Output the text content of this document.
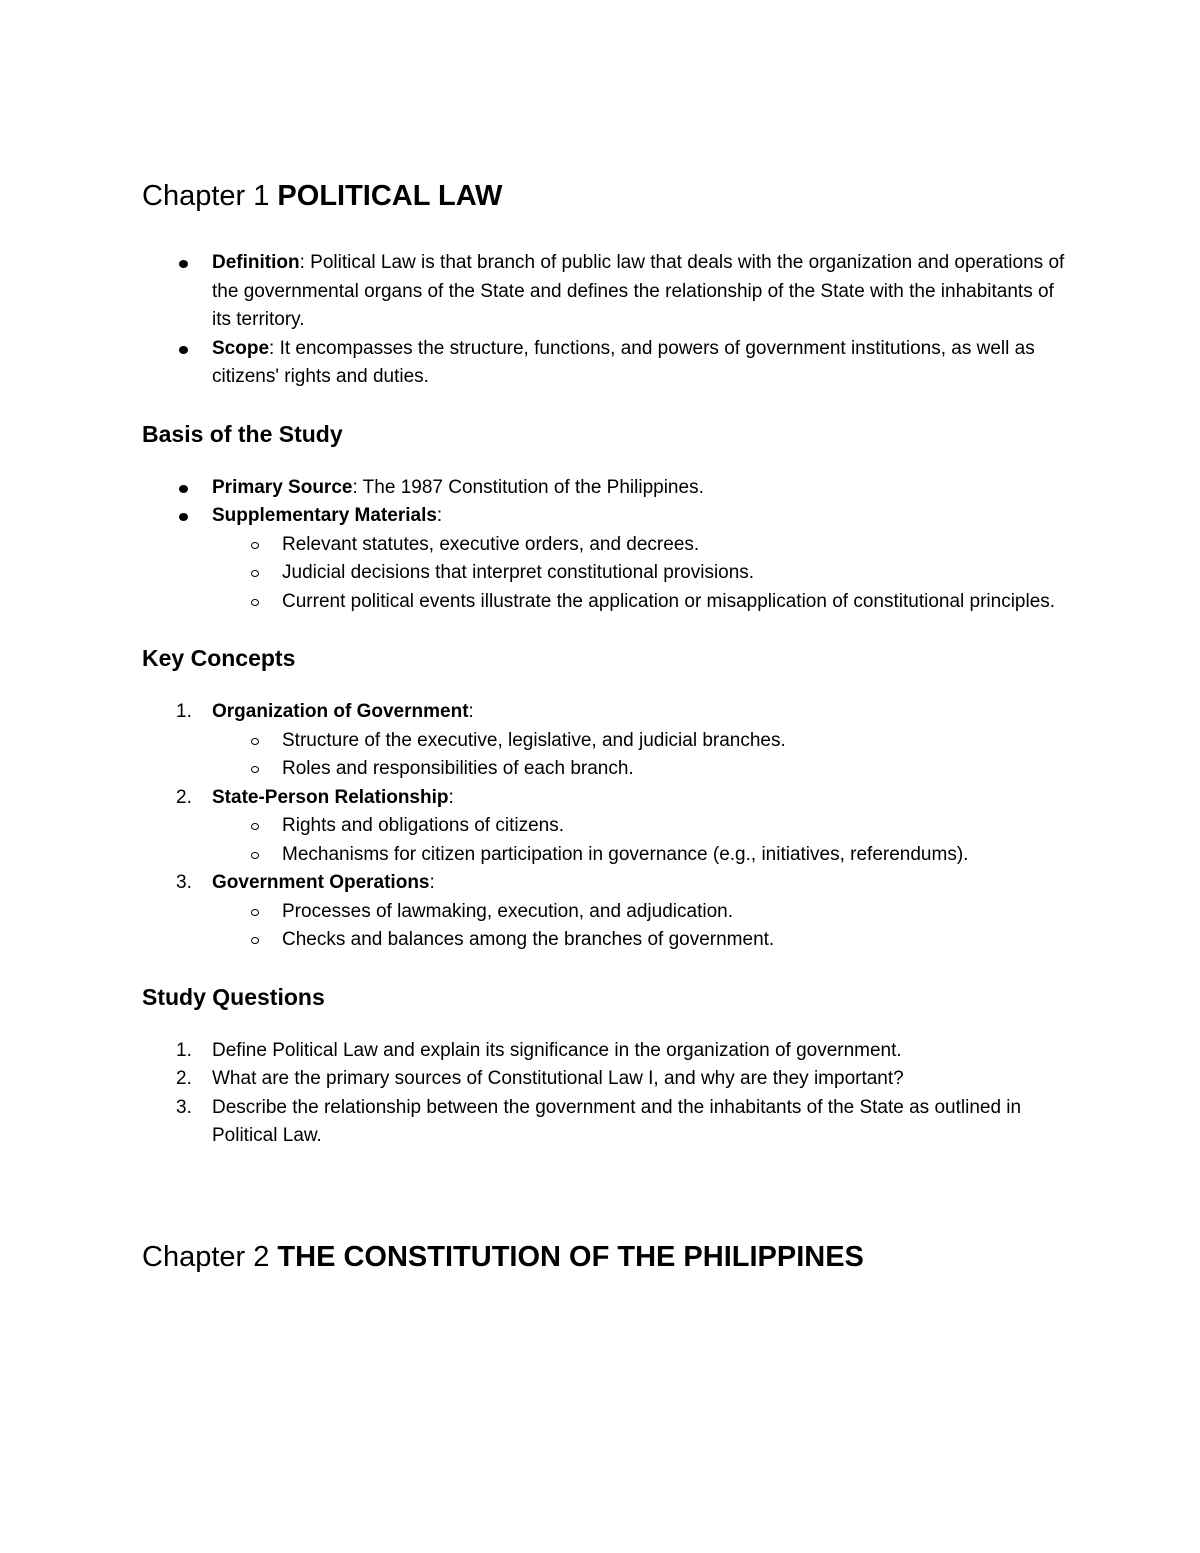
Chapter 1 POLITICAL LAW
Definition: Political Law is that branch of public law that deals with the organization and operations of the governmental organs of the State and defines the relationship of the State with the inhabitants of its territory.
Scope: It encompasses the structure, functions, and powers of government institutions, as well as citizens' rights and duties.
Basis of the Study
Primary Source: The 1987 Constitution of the Philippines.
Supplementary Materials:
Relevant statutes, executive orders, and decrees.
Judicial decisions that interpret constitutional provisions.
Current political events illustrate the application or misapplication of constitutional principles.
Key Concepts
1. Organization of Government:
Structure of the executive, legislative, and judicial branches.
Roles and responsibilities of each branch.
2. State-Person Relationship:
Rights and obligations of citizens.
Mechanisms for citizen participation in governance (e.g., initiatives, referendums).
3. Government Operations:
Processes of lawmaking, execution, and adjudication.
Checks and balances among the branches of government.
Study Questions
1. Define Political Law and explain its significance in the organization of government.
2. What are the primary sources of Constitutional Law I, and why are they important?
3. Describe the relationship between the government and the inhabitants of the State as outlined in Political Law.
Chapter 2 THE CONSTITUTION OF THE PHILIPPINES
